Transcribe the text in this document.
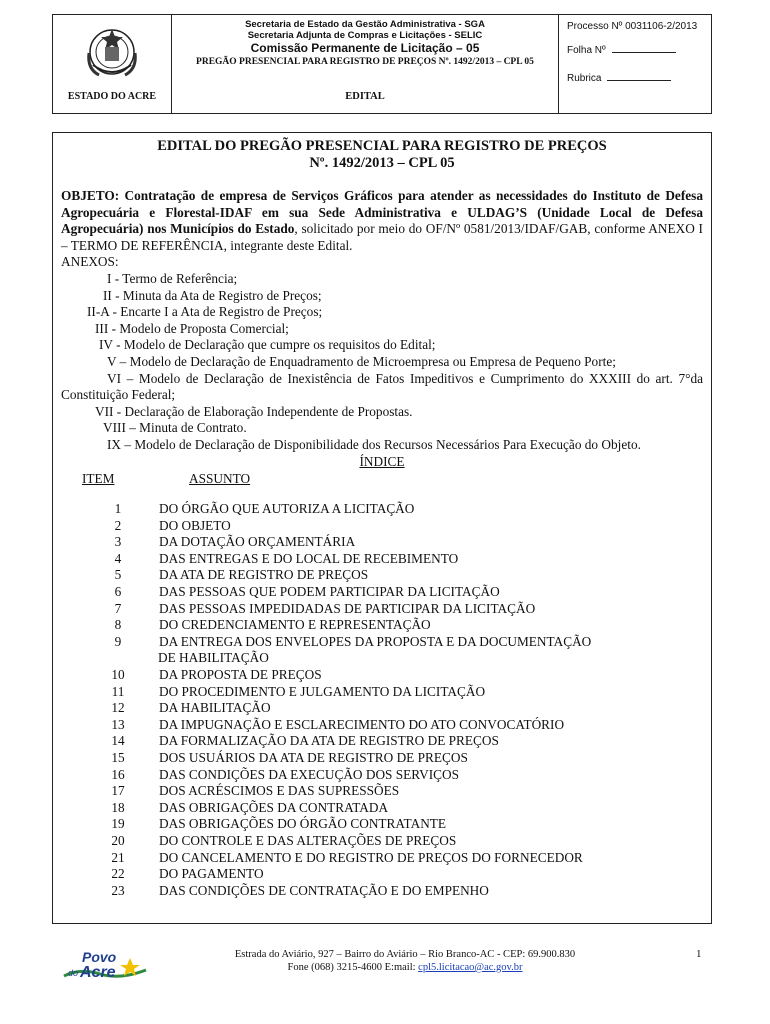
ESTADO DO ACRE
Secretaria de Estado da Gestão Administrativa - SGA
Secretaria Adjunta de Compras e Licitações - SELIC
Comissão Permanente de Licitação – 05
PREGÃO PRESENCIAL PARA REGISTRO DE PREÇOS Nº. 1492/2013 – CPL 05
EDITAL
Processo Nº 0031106-2/2013
Folha Nº
Rubrica
EDITAL DO PREGÃO PRESENCIAL PARA REGISTRO DE PREÇOS
Nº. 1492/2013 – CPL 05
OBJETO: Contratação de empresa de Serviços Gráficos para atender as necessidades do Instituto de Defesa Agropecuária e Florestal-IDAF em sua Sede Administrativa e ULDAG’S (Unidade Local de Defesa Agropecuária) nos Municípios do Estado, solicitado por meio do OF/Nº 0581/2013/IDAF/GAB, conforme ANEXO I – TERMO DE REFERÊNCIA, integrante deste Edital.
ANEXOS:
I - Termo de Referência;
II - Minuta da Ata de Registro de Preços;
II-A - Encarte I a Ata de Registro de Preços;
III - Modelo de Proposta Comercial;
IV - Modelo de Declaração que cumpre os requisitos do Edital;
V – Modelo de Declaração de Enquadramento de Microempresa ou Empresa de Pequeno Porte;
VI – Modelo de Declaração de Inexistência de Fatos Impeditivos e Cumprimento do XXXIII do art. 7°da Constituição Federal;
VII - Declaração de Elaboração Independente de Propostas.
VIII – Minuta de Contrato.
IX – Modelo de Declaração de Disponibilidade dos Recursos Necessários Para Execução do Objeto.
ÍNDICE
ITEM	ASSUNTO
1	DO ÓRGÃO QUE AUTORIZA A LICITAÇÃO
2	DO OBJETO
3	DA DOTAÇÃO ORÇAMENTÁRIA
4	DAS ENTREGAS E DO LOCAL DE RECEBIMENTO
5	DA ATA DE REGISTRO DE PREÇOS
6	DAS PESSOAS QUE PODEM PARTICIPAR DA LICITAÇÃO
7	DAS PESSOAS IMPEDIDADAS DE PARTICIPAR DA LICITAÇÃO
8	DO CREDENCIAMENTO E REPRESENTAÇÃO
9	DA ENTREGA DOS ENVELOPES DA PROPOSTA E DA DOCUMENTAÇÃO
DE HABILITAÇÃO
10	DA PROPOSTA DE PREÇOS
11	DO PROCEDIMENTO E JULGAMENTO DA LICITAÇÃO
12	DA HABILITAÇÃO
13	DA IMPUGNAÇÃO E ESCLARECIMENTO DO ATO CONVOCATÓRIO
14	DA FORMALIZAÇÃO DA ATA DE REGISTRO DE PREÇOS
15	DOS USUÁRIOS DA ATA DE REGISTRO DE PREÇOS
16	DAS CONDIÇÕES DA EXECUÇÃO DOS SERVIÇOS
17	DOS ACRÉSCIMOS E DAS SUPRESSÕES
18	DAS OBRIGAÇÕES DA CONTRATADA
19	DAS OBRIGAÇÕES DO ÓRGÃO CONTRATANTE
20	DO CONTROLE E DAS ALTERAÇÕES DE PREÇOS
21	DO CANCELAMENTO E DO REGISTRO DE PREÇOS DO FORNECEDOR
22	DO PAGAMENTO
23	DAS CONDIÇÕES DE CONTRATAÇÃO E DO EMPENHO
Povo
do Acre
Estrada do Aviário, 927 – Bairro do Aviário – Rio Branco-AC - CEP: 69.900.830
Fone (068) 3215-4600 E:mail: cpl5.licitacao@ac.gov.br
1
